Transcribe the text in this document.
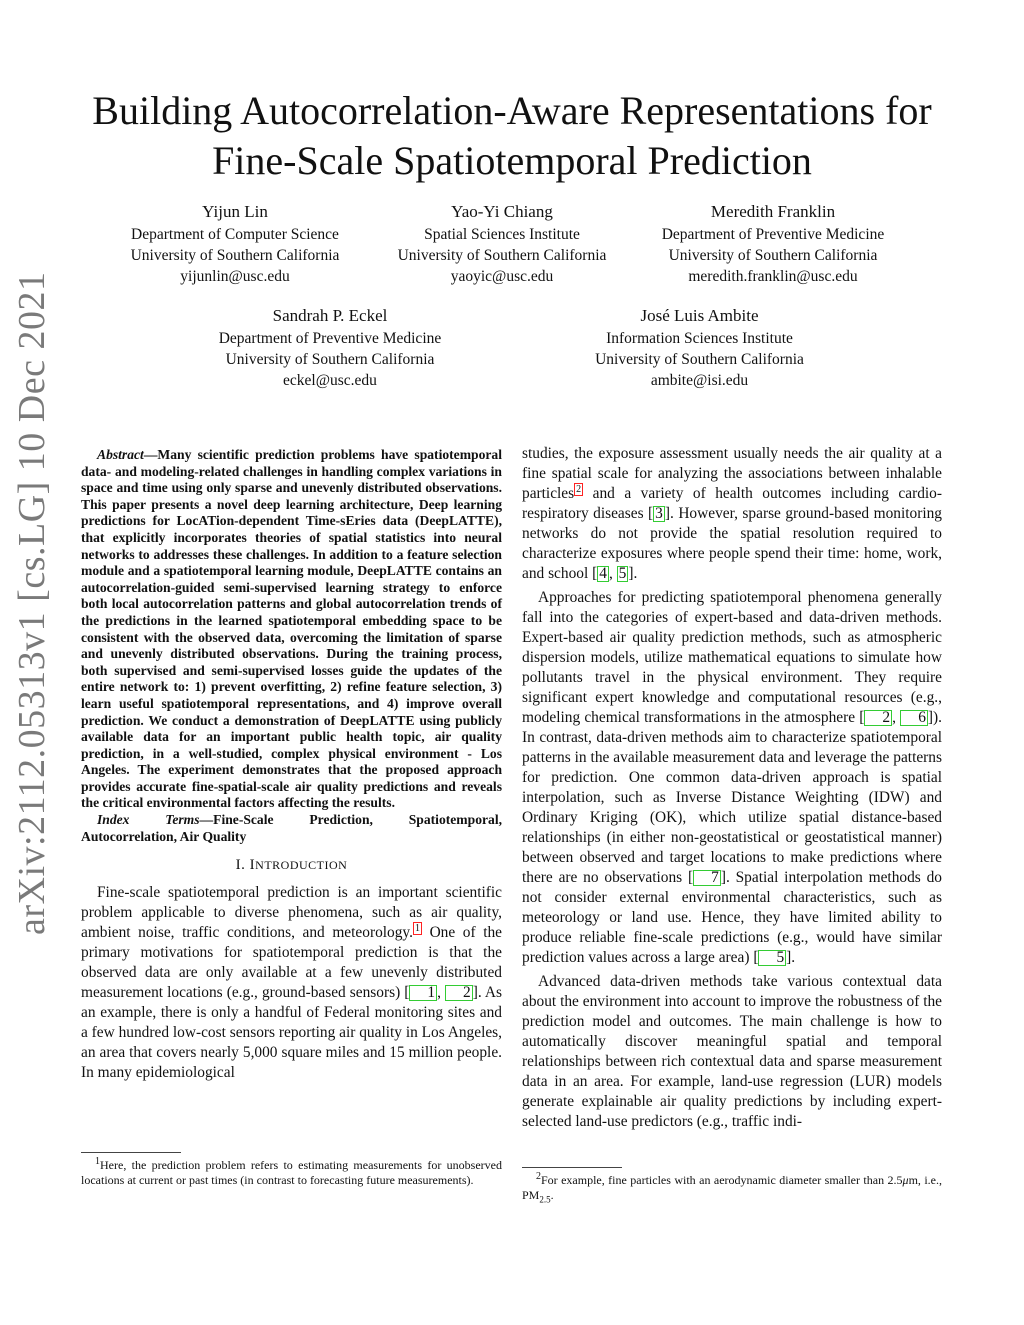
arXiv:2112.05313v1 [cs.LG] 10 Dec 2021
Building Autocorrelation-Aware Representations for
Fine-Scale Spatiotemporal Prediction
Yijun Lin
Department of Computer Science
University of Southern California
yijunlin@usc.edu
Yao-Yi Chiang
Spatial Sciences Institute
University of Southern California
yaoyic@usc.edu
Meredith Franklin
Department of Preventive Medicine
University of Southern California
meredith.franklin@usc.edu
Sandrah P. Eckel
Department of Preventive Medicine
University of Southern California
eckel@usc.edu
José Luis Ambite
Information Sciences Institute
University of Southern California
ambite@isi.edu

Abstract—Many scientific prediction problems have spatiotemporal data- and modeling-related challenges in handling complex variations in space and time using only sparse and unevenly distributed observations. This paper presents a novel deep learning architecture, Deep learning predictions for LocATion-dependent Time-sEries data (DeepLATTE), that explicitly incorporates theories of spatial statistics into neural networks to addresses these challenges. In addition to a feature selection module and a spatiotemporal learning module, DeepLATTE contains an autocorrelation-guided semi-supervised learning strategy to enforce both local autocorrelation patterns and global autocorrelation trends of the predictions in the learned spatiotemporal embedding space to be consistent with the observed data, overcoming the limitation of sparse and unevenly distributed observations. During the training process, both supervised and semi-supervised losses guide the updates of the entire network to: 1) prevent overfitting, 2) refine feature selection, 3) learn useful spatiotemporal representations, and 4) improve overall prediction. We conduct a demonstration of DeepLATTE using publicly available data for an important public health topic, air quality prediction, in a well-studied, complex physical environment - Los Angeles. The experiment demonstrates that the proposed approach provides accurate fine-spatial-scale air quality predictions and reveals the critical environmental factors affecting the results.

Index Terms—Fine-Scale Prediction, Spatiotemporal, Autocorrelation, Air Quality

I. INTRODUCTION

Fine-scale spatiotemporal prediction is an important scientific problem applicable to diverse phenomena, such as air quality, ambient noise, traffic conditions, and meteorology. $^1$ One of the primary motivations for spatiotemporal prediction is that the observed data are only available at a few unevenly distributed measurement locations (e.g., ground-based sensors) [ 1 , 2 ]. As an example, there is only a handful of Federal monitoring sites and a few hundred low-cost sensors reporting air quality in Los Angeles, an area that covers nearly 5,000 square miles and 15 million people. In many epidemiological

$^1$Here, the prediction problem refers to estimating measurements for unobserved locations at current or past times (in contrast to forecasting future measurements).

studies, the exposure assessment usually needs the air quality at a fine spatial scale for analyzing the associations between inhalable particles $^2$ and a variety of health outcomes including cardio-respiratory diseases [ 3 ]. However, sparse ground-based monitoring networks do not provide the spatial resolution required to characterize exposures where people spend their time: home, work, and school [ 4 , 5 ].

Approaches for predicting spatiotemporal phenomena generally fall into the categories of expert-based and data-driven methods. Expert-based air quality prediction methods, such as atmospheric dispersion models, utilize mathematical equations to simulate how pollutants travel in the physical environment. They require significant expert knowledge and computational resources (e.g., modeling chemical transformations in the atmosphere [ 2 , 6 ]). In contrast, data-driven methods aim to characterize spatiotemporal patterns in the available measurement data and leverage the patterns for prediction. One common data-driven approach is spatial interpolation, such as Inverse Distance Weighting (IDW) and Ordinary Kriging (OK), which utilize spatial distance-based relationships (in either non-geostatistical or geostatistical manner) between observed and target locations to make predictions where there are no observations [ 7 ]. Spatial interpolation methods do not consider external environmental characteristics, such as meteorology or land use. Hence, they have limited ability to produce reliable fine-scale predictions (e.g., would have similar prediction values across a large area) [ 5 ].

Advanced data-driven methods take various contextual data about the environment into account to improve the robustness of the prediction model and outcomes. The main challenge is how to automatically discover meaningful spatial and temporal relationships between rich contextual data and sparse measurement data in an area. For example, land-use regression (LUR) models generate explainable air quality predictions by including expert-selected land-use predictors (e.g., traffic indi-

$^2$For example, fine particles with an aerodynamic diameter smaller than 2.5μm, i.e., $PM_{2.5}$.
